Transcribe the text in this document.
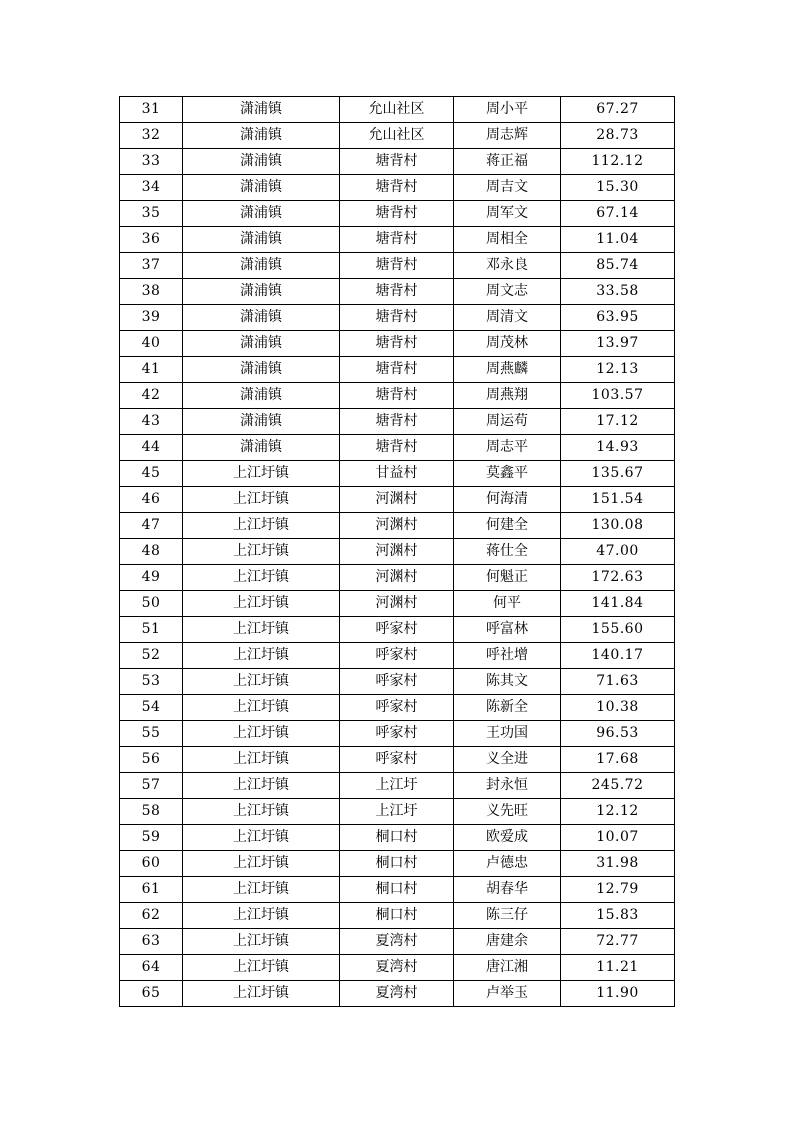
31	潇浦镇	允山社区	周小平	67.27
32	潇浦镇	允山社区	周志辉	28.73
33	潇浦镇	塘背村	蒋正福	112.12
34	潇浦镇	塘背村	周吉文	15.30
35	潇浦镇	塘背村	周军文	67.14
36	潇浦镇	塘背村	周相全	11.04
37	潇浦镇	塘背村	邓永良	85.74
38	潇浦镇	塘背村	周文志	33.58
39	潇浦镇	塘背村	周清文	63.95
40	潇浦镇	塘背村	周茂林	13.97
41	潇浦镇	塘背村	周燕麟	12.13
42	潇浦镇	塘背村	周燕翔	103.57
43	潇浦镇	塘背村	周运苟	17.12
44	潇浦镇	塘背村	周志平	14.93
45	上江圩镇	甘益村	莫鑫平	135.67
46	上江圩镇	河渊村	何海清	151.54
47	上江圩镇	河渊村	何建全	130.08
48	上江圩镇	河渊村	蒋仕全	47.00
49	上江圩镇	河渊村	何魁正	172.63
50	上江圩镇	河渊村	何平	141.84
51	上江圩镇	呼家村	呼富林	155.60
52	上江圩镇	呼家村	呼社增	140.17
53	上江圩镇	呼家村	陈其文	71.63
54	上江圩镇	呼家村	陈新全	10.38
55	上江圩镇	呼家村	王功国	96.53
56	上江圩镇	呼家村	义全进	17.68
57	上江圩镇	上江圩	封永恒	245.72
58	上江圩镇	上江圩	义先旺	12.12
59	上江圩镇	桐口村	欧爱成	10.07
60	上江圩镇	桐口村	卢德忠	31.98
61	上江圩镇	桐口村	胡春华	12.79
62	上江圩镇	桐口村	陈三仔	15.83
63	上江圩镇	夏湾村	唐建余	72.77
64	上江圩镇	夏湾村	唐江湘	11.21
65	上江圩镇	夏湾村	卢举玉	11.90
